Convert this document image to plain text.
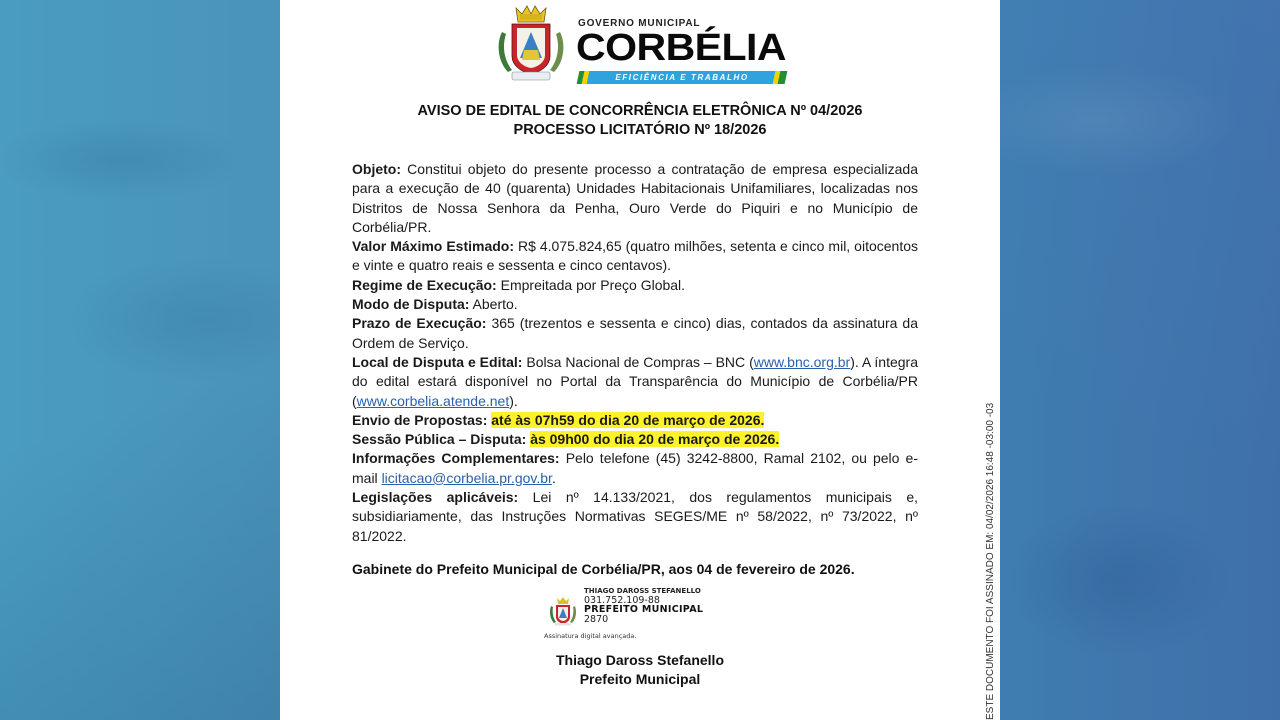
GOVERNO MUNICIPAL
CORBÉLIA
EFICIÊNCIA E TRABALHO
AVISO DE EDITAL DE CONCORRÊNCIA ELETRÔNICA Nº 04/2026
PROCESSO LICITATÓRIO Nº 18/2026

Objeto: Constitui objeto do presente processo a contratação de empresa especializada para a execução de 40 (quarenta) Unidades Habitacionais Unifamiliares, localizadas nos Distritos de Nossa Senhora da Penha, Ouro Verde do Piquiri e no Município de Corbélia/PR.

Valor Máximo Estimado: R$ 4.075.824,65 (quatro milhões, setenta e cinco mil, oitocentos e vinte e quatro reais e sessenta e cinco centavos).

Regime de Execução: Empreitada por Preço Global.

Modo de Disputa: Aberto.

Prazo de Execução: 365 (trezentos e sessenta e cinco) dias, contados da assinatura da Ordem de Serviço.

Local de Disputa e Edital: Bolsa Nacional de Compras – BNC (www.bnc.org.br). A íntegra do edital estará disponível no Portal da Transparência do Município de Corbélia/PR (www.corbelia.atende.net).

Envio de Propostas: até às 07h59 do dia 20 de março de 2026.

Sessão Pública – Disputa: às 09h00 do dia 20 de março de 2026.

Informações Complementares: Pelo telefone (45) 3242-8800, Ramal 2102, ou pelo e-mail licitacao@corbelia.pr.gov.br.

Legislações aplicáveis: Lei nº 14.133/2021, dos regulamentos municipais e, subsidiariamente, das Instruções Normativas SEGES/ME nº 58/2022, nº 73/2022, nº 81/2022.

Gabinete do Prefeito Municipal de Corbélia/PR, aos 04 de fevereiro de 2026.
THIAGO DAROSS STEFANELLO
031.752.109-88
PREFEITO MUNICIPAL
2870
Assinatura digital avançada.
Thiago Daross Stefanello
Prefeito Municipal	ESTE DOCUMENTO FOI ASSINADO EM: 04/02/2026 16:48 -03:00 -03
